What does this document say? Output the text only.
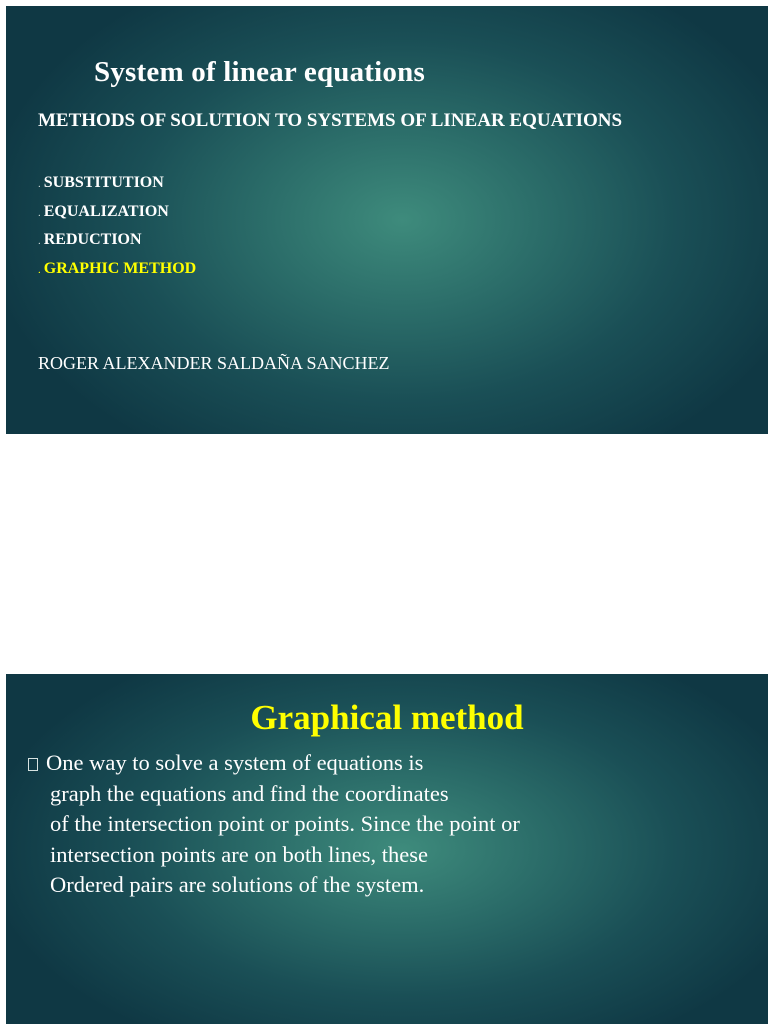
System of linear equations
METHODS OF SOLUTION TO SYSTEMS OF LINEAR EQUATIONS
. SUBSTITUTION
. EQUALIZATION
. REDUCTION
. GRAPHIC METHOD

ROGER ALEXANDER SALDAÑA SANCHEZ

Graphical method
One way to solve a system of equations is
graph the equations and find the coordinates
of the intersection point or points. Since the point or
intersection points are on both lines, these
Ordered pairs are solutions of the system.
